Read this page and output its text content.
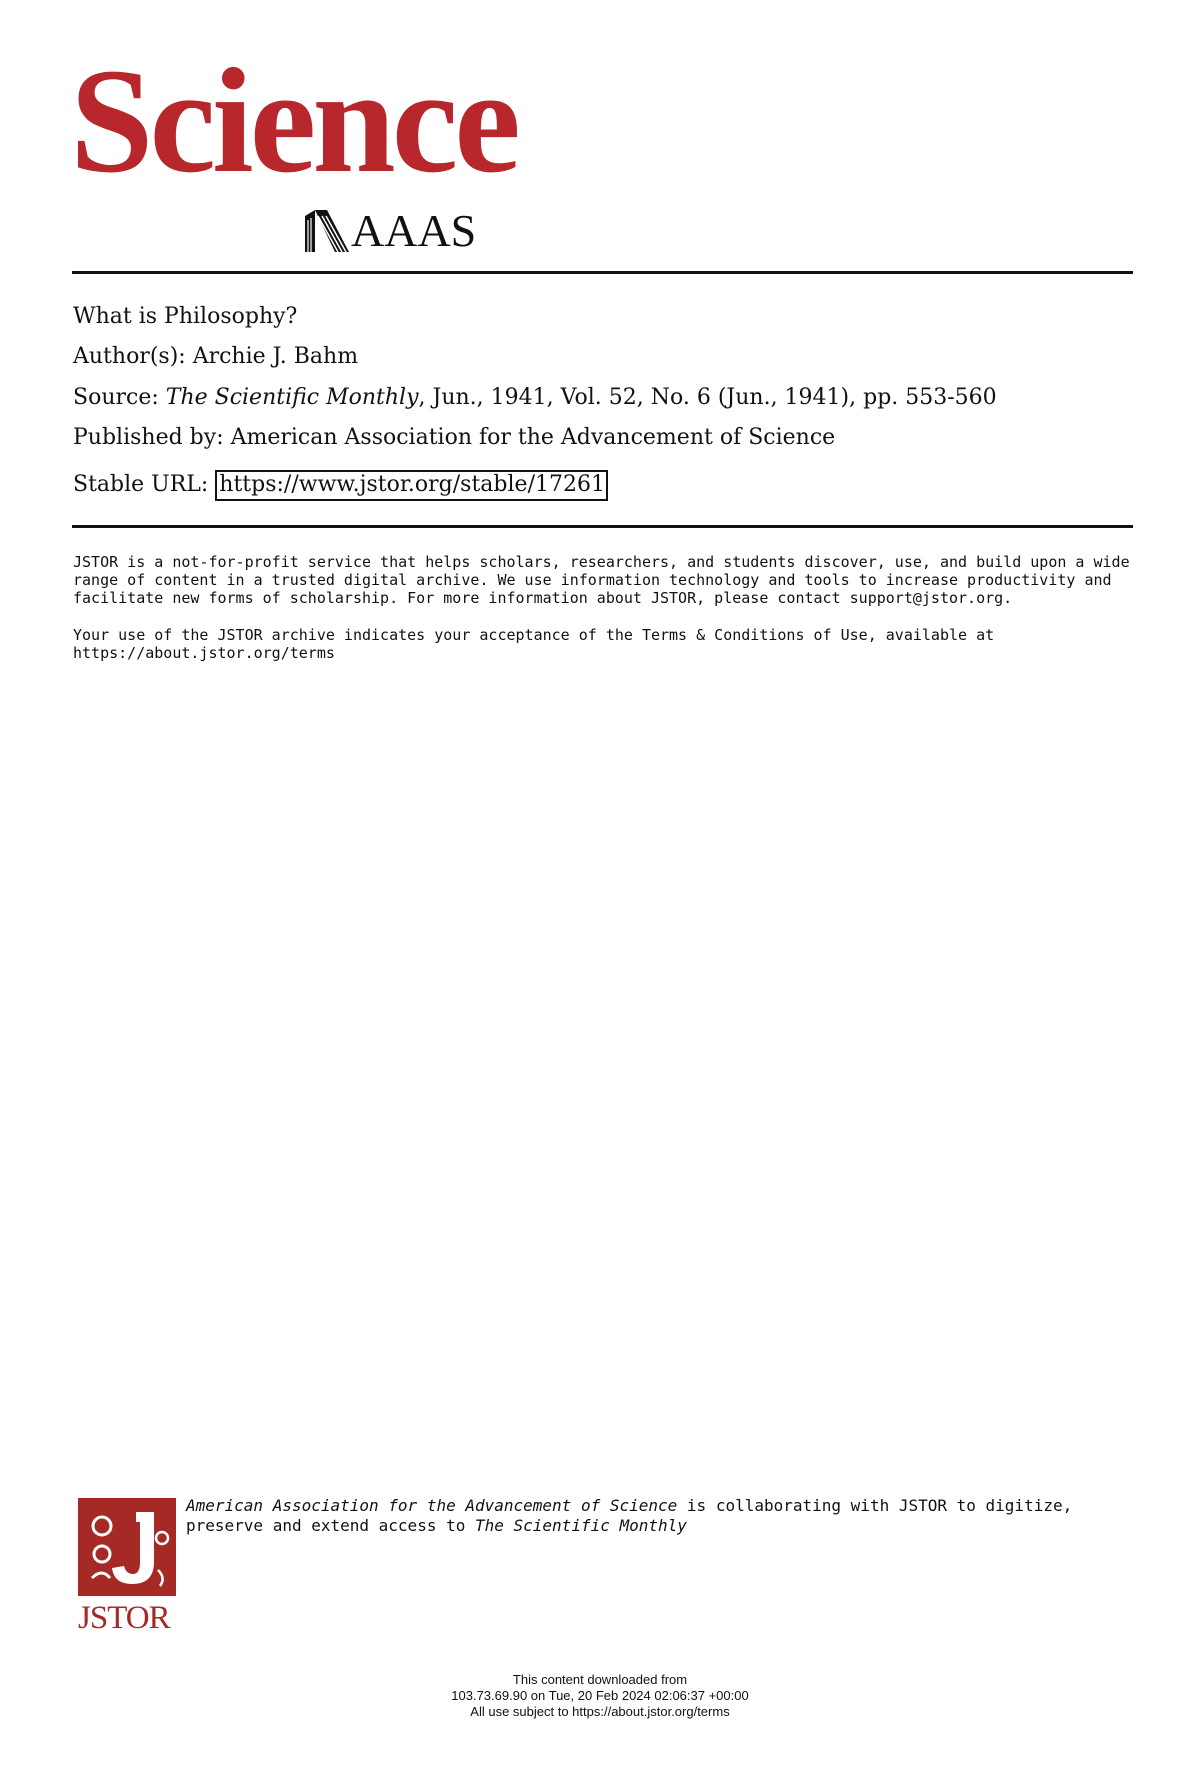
Science
AAAS
What is Philosophy?
Author(s): Archie J. Bahm
Source: The Scientific Monthly, Jun., 1941, Vol. 52, No. 6 (Jun., 1941), pp. 553-560
Published by: American Association for the Advancement of Science
Stable URL: https://www.jstor.org/stable/17261

JSTOR is a not-for-profit service that helps scholars, researchers, and students discover, use, and build upon a wide

range of content in a trusted digital archive. We use information technology and tools to increase productivity and

facilitate new forms of scholarship. For more information about JSTOR, please contact support@jstor.org.

Your use of the JSTOR archive indicates your acceptance of the Terms & Conditions of Use, available at

https://about.jstor.org/terms

JSTOR
American Association for the Advancement of Science is collaborating with JSTOR to digitize,
preserve and extend access to The Scientific Monthly
This content downloaded from
103.73.69.90 on Tue, 20 Feb 2024 02:06:37 +00:00
All use subject to https://about.jstor.org/terms
